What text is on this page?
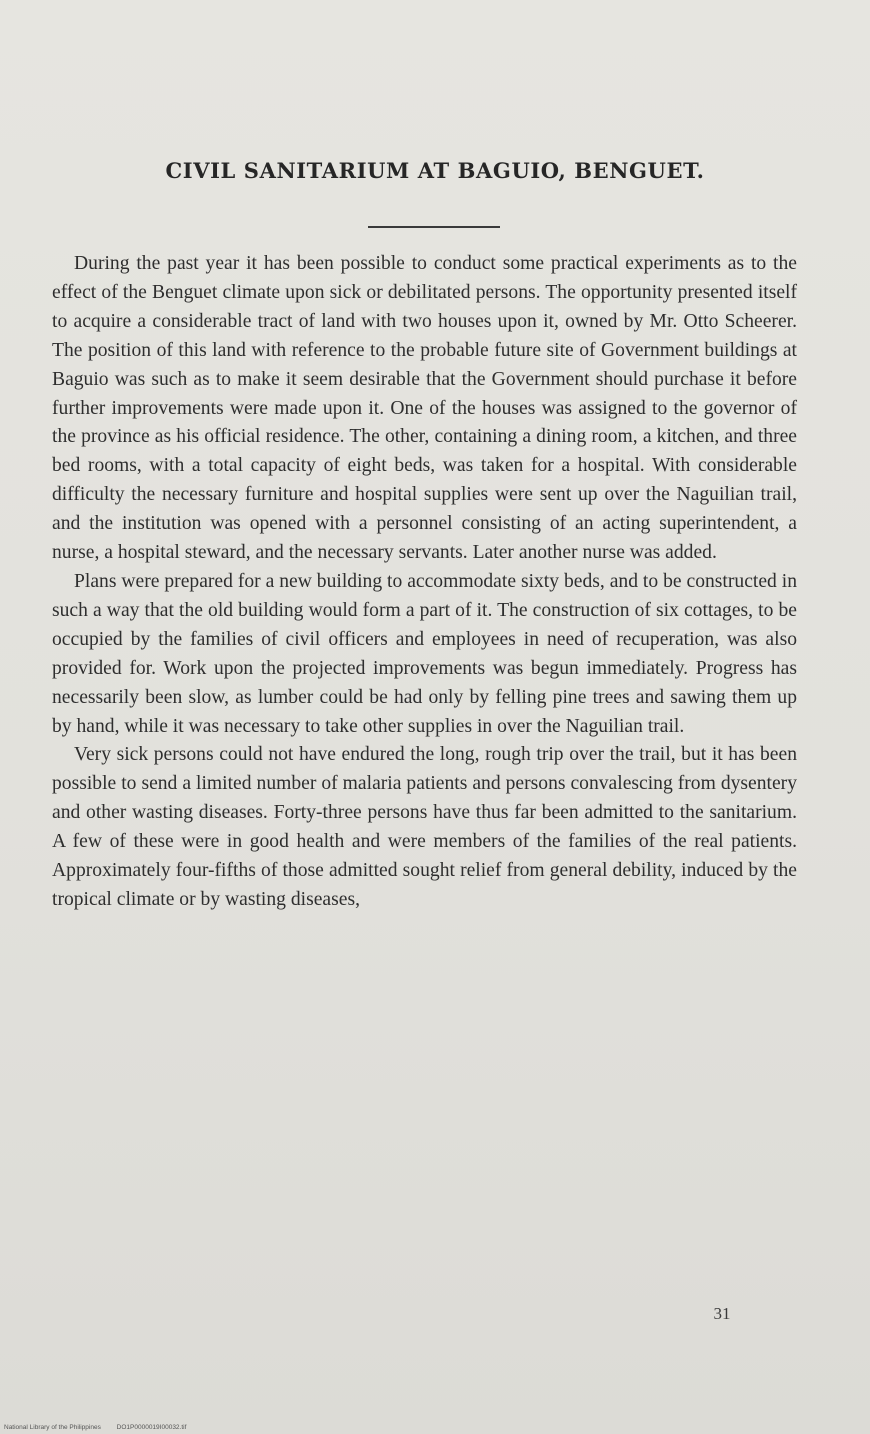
CIVIL SANITARIUM AT BAGUIO, BENGUET.

During the past year it has been possible to conduct some practical experiments as to the effect of the Benguet climate upon sick or debilitated persons. The opportunity presented itself to acquire a considerable tract of land with two houses upon it, owned by Mr. Otto Scheerer. The position of this land with reference to the probable future site of Government buildings at Baguio was such as to make it seem desirable that the Government should purchase it before further improvements were made upon it. One of the houses was assigned to the governor of the province as his official residence. The other, containing a dining room, a kitchen, and three bed rooms, with a total capacity of eight beds, was taken for a hospital. With considerable difficulty the necessary furniture and hospital supplies were sent up over the Naguilian trail, and the institution was opened with a personnel consisting of an acting superintendent, a nurse, a hospital steward, and the necessary servants. Later another nurse was added.

Plans were prepared for a new building to accommodate sixty beds, and to be constructed in such a way that the old building would form a part of it. The construction of six cottages, to be occupied by the families of civil officers and employees in need of recuperation, was also provided for. Work upon the projected improvements was begun immediately. Progress has necessarily been slow, as lumber could be had only by felling pine trees and sawing them up by hand, while it was necessary to take other supplies in over the Naguilian trail.

Very sick persons could not have endured the long, rough trip over the trail, but it has been possible to send a limited number of malaria patients and persons convalescing from dysentery and other wasting diseases. Forty-three persons have thus far been admitted to the sanitarium. A few of these were in good health and were members of the families of the real patients. Approximately four-fifths of those admitted sought relief from general debility, induced by the tropical climate or by wasting diseases,

31
National Library of the Philippines DO1P0000019I00032.tif
